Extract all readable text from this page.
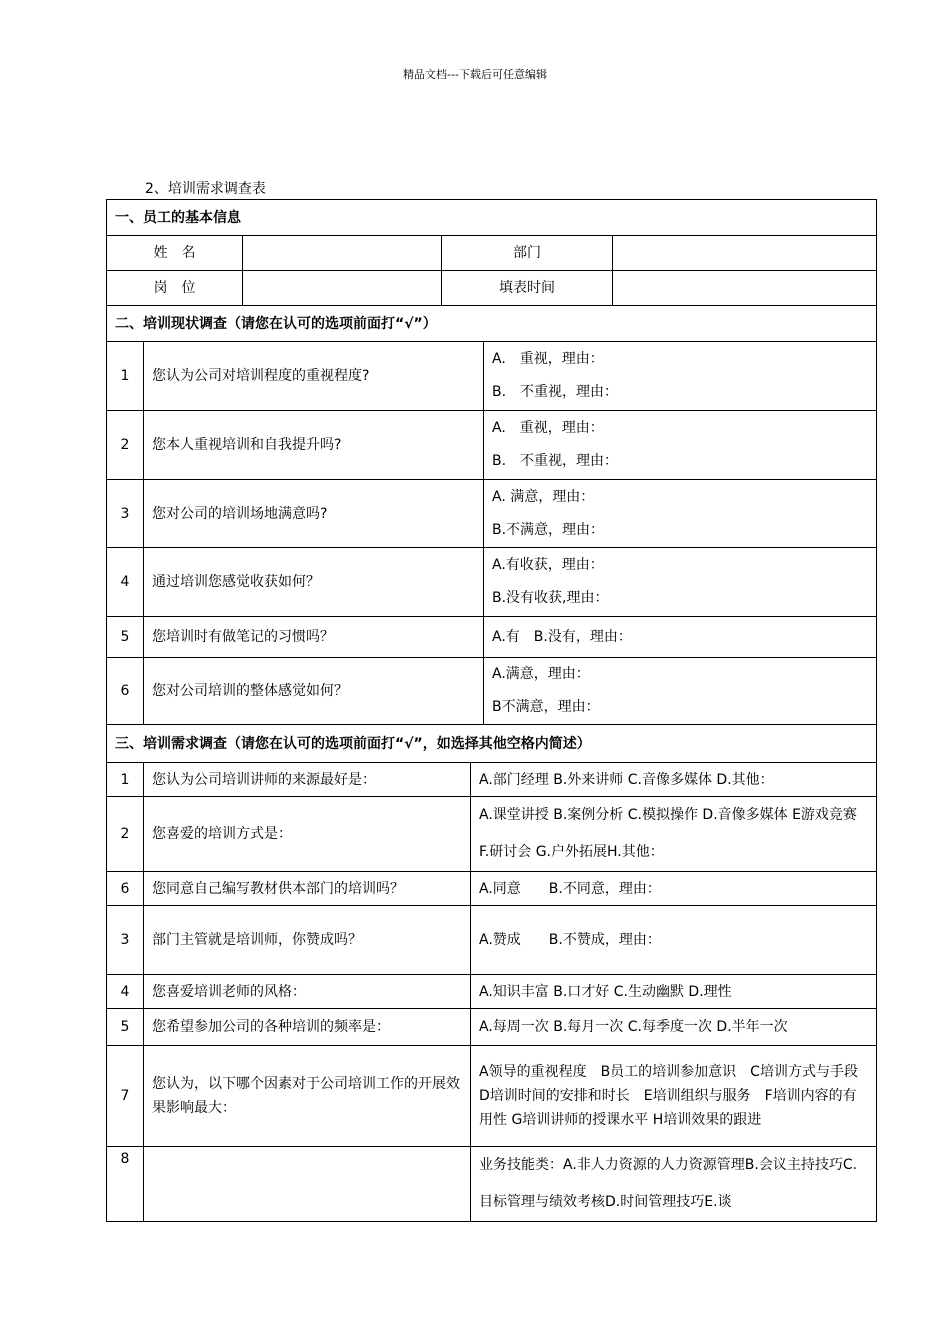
精品文档---下载后可任意编辑
2、培训需求调查表
一、员工的基本信息			
姓　名		部门	
岗　位		填表时间	
二、培训现状调查（请您在认可的选项前面打“√”）			
1	您认为公司对培训程度的重视程度?	A.　重视，理由：
B.　不重视，理由：

2	您本人重视培训和自我提升吗?	A.　重视，理由：
B.　不重视，理由：

3	您对公司的培训场地满意吗?	A. 满意，理由：
B.不满意，理由：

4	通过培训您感觉收获如何？	A.有收获，理由：
B.没有收获,理由：

5	您培训时有做笔记的习惯吗？	A.有　B.没有，理由：
6	您对公司培训的整体感觉如何？	A.满意，理由：
B不满意，理由：
三、培训需求调查（请您在认可的选项前面打“√”，如选择其他空格内简述）		
1	您认为公司培训讲师的来源最好是：	A.部门经理 B.外来讲师 C.音像多媒体 D.其他：
2	您喜爱的培训方式是：	A.课堂讲授 B.案例分析 C.模拟操作 D.音像多媒体 E游戏竞赛 F.研讨会 G.户外拓展H.其他：
6	您同意自己编写教材供本部门的培训吗？	A.同意　　B.不同意，理由：
3	部门主管就是培训师，你赞成吗？	A.赞成　　B.不赞成，理由：
4	您喜爱培训老师的风格：	A.知识丰富 B.口才好 C.生动幽默 D.理性
5	您希望参加公司的各种培训的频率是：	A.每周一次 B.每月一次 C.每季度一次 D.半年一次
7	您认为，以下哪个因素对于公司培训工作的开展效果影响最大：	A领导的重视程度　B员工的培训参加意识　C培训方式与手段 D培训时间的安排和时长　E培训组织与服务　F培训内容的有用性 G培训讲师的授课水平 H培训效果的跟进
8		业务技能类：A.非人力资源的人力资源管理B.会议主持技巧C.目标管理与绩效考核D.时间管理技巧E.谈
